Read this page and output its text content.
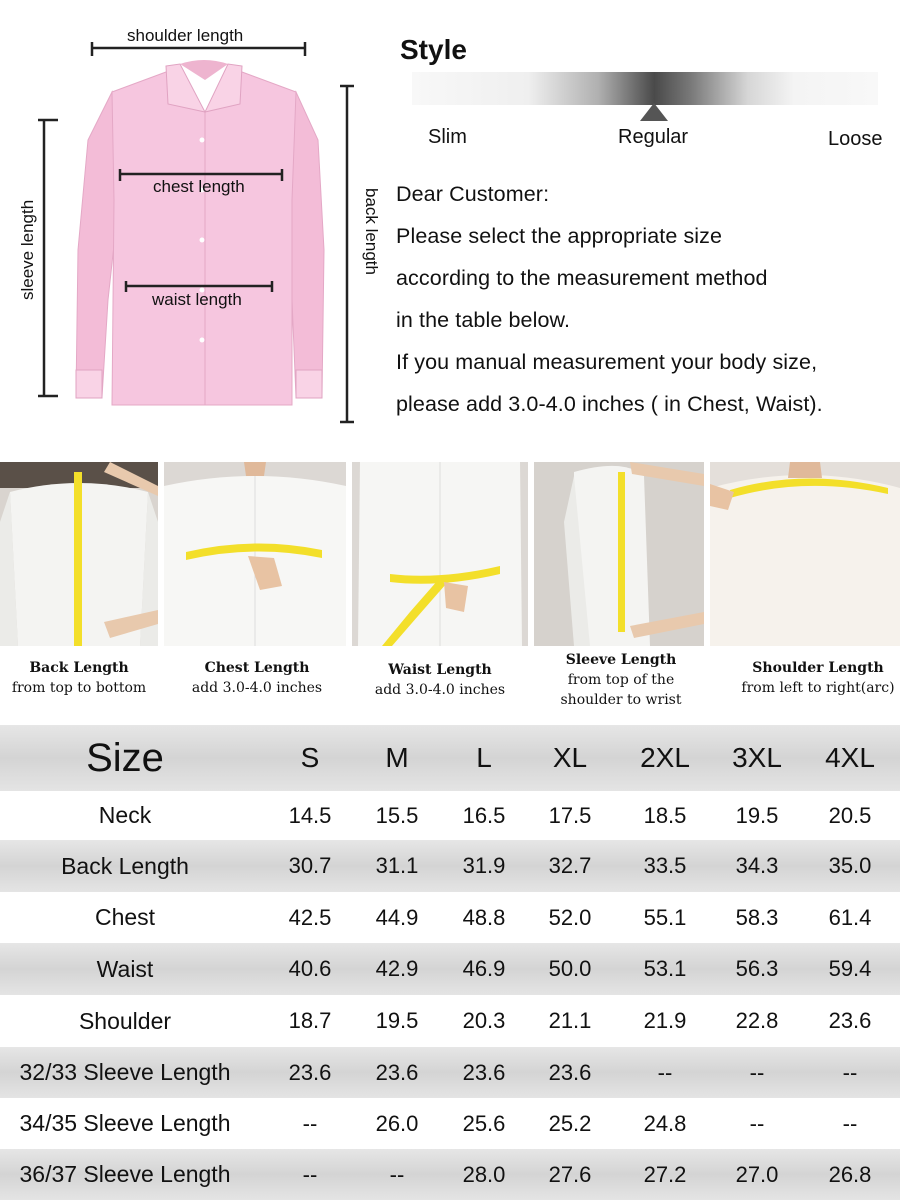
shoulder length
chest length
waist length
sleeve length	back length
Style
Slim	Regular	Loose
Dear Customer:
Please select the appropriate size
according to the measurement method
in the table below.
If you manual measurement your body size,
please add 3.0-4.0 inches ( in Chest, Waist).
Back Length
from top to bottom
Chest Length
add 3.0-4.0 inches
Waist Length
add 3.0-4.0 inches
Sleeve Length
from top of the shoulder to wrist
Shoulder Length
from left to right(arc)
Size	S	M	L	XL	2XL	3XL	4XL
Neck	14.5	15.5	16.5	17.5	18.5	19.5	20.5
Back Length	30.7	31.1	31.9	32.7	33.5	34.3	35.0
Chest	42.5	44.9	48.8	52.0	55.1	58.3	61.4
Waist	40.6	42.9	46.9	50.0	53.1	56.3	59.4
Shoulder	18.7	19.5	20.3	21.1	21.9	22.8	23.6
32/33 Sleeve Length	23.6	23.6	23.6	23.6	--	--	--
34/35 Sleeve Length	--	26.0	25.6	25.2	24.8	--	--
36/37 Sleeve Length	--	--	28.0	27.6	27.2	27.0	26.8
